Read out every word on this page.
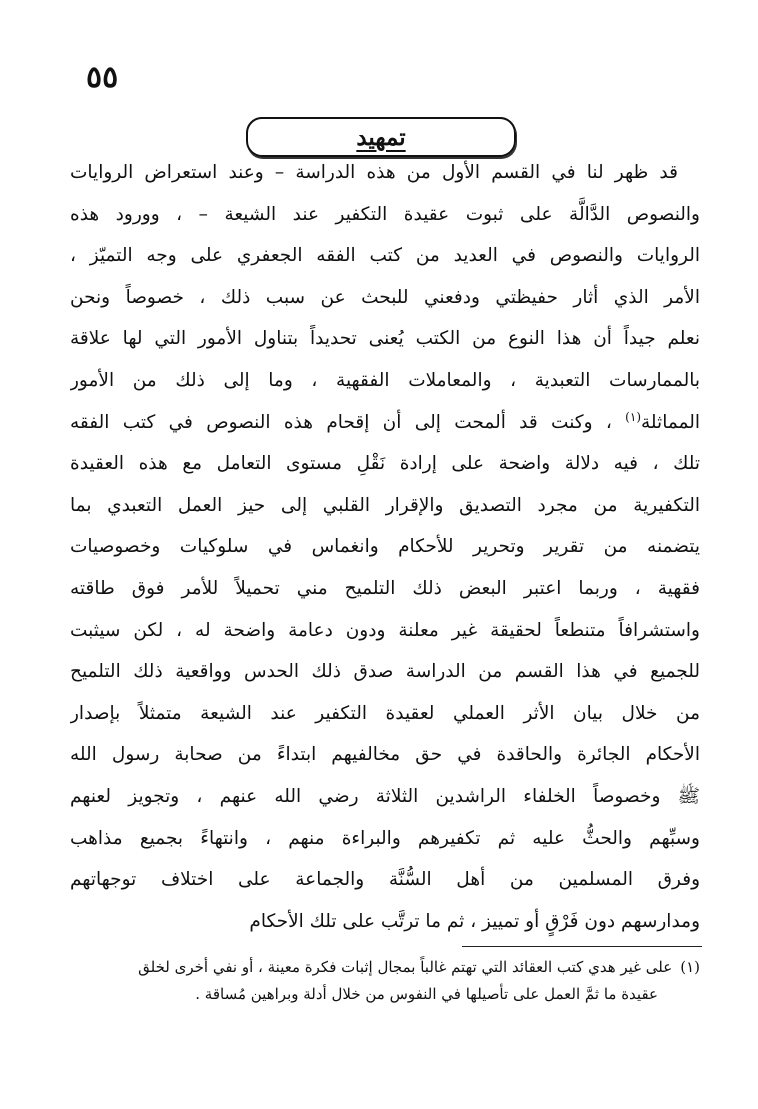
٥٥
تمهيد
قد ظهر لنا في القسم الأول من هذه الدراسة – وعند استعراض الروايات
والنصوص الدَّالَّة على ثبوت عقيدة التكفير عند الشيعة – ، وورود هذه
الروايات والنصوص في العديد من كتب الفقه الجعفري على وجه التميّز ،
الأمر الذي أثار حفيظتي ودفعني للبحث عن سبب ذلك ، خصوصاً ونحن
نعلم جيداً أن هذا النوع من الكتب يُعنى تحديداً بتناول الأمور التي لها علاقة
بالممارسات التعبدية ، والمعاملات الفقهية ، وما إلى ذلك من الأمور
المماثلة$^{(١)}$ ، وكنت قد ألمحت إلى أن إقحام هذه النصوص في كتب الفقه
تلك ، فيه دلالة واضحة على إرادة نَقْلِ مستوى التعامل مع هذه العقيدة
التكفيرية من مجرد التصديق والإقرار القلبي إلى حيز العمل التعبدي بما
يتضمنه من تقرير وتحرير للأحكام وانغماس في سلوكيات وخصوصيات
فقهية ، وربما اعتبر البعض ذلك التلميح مني تحميلاً للأمر فوق طاقته
واستشرافاً متنطعاً لحقيقة غير معلنة ودون دعامة واضحة له ، لكن سيثبت
للجميع في هذا القسم من الدراسة صدق ذلك الحدس وواقعية ذلك التلميح
من خلال بيان الأثر العملي لعقيدة التكفير عند الشيعة متمثلاً بإصدار
الأحكام الجائرة والحاقدة في حق مخالفيهم ابتداءً من صحابة رسول الله
ﷺ وخصوصاً الخلفاء الراشدين الثلاثة رضي الله عنهم ، وتجويز لعنهم
وسبِّهم والحثُّ عليه ثم تكفيرهم والبراءة منهم ، وانتهاءً بجميع مذاهب
وفرق المسلمين من أهل السُّنَّة والجماعة على اختلاف توجهاتهم
ومدارسهم دون فَرْقٍ أو تمييز ، ثم ما ترتَّب على تلك الأحكام
(١)على غير هدي كتب العقائد التي تهتم غالباً بمجال إثبات فكرة معينة ، أو نفي أخرى لخلق
عقيدة ما ثمَّ العمل على تأصيلها في النفوس من خلال أدلة وبراهين مُساقة .
